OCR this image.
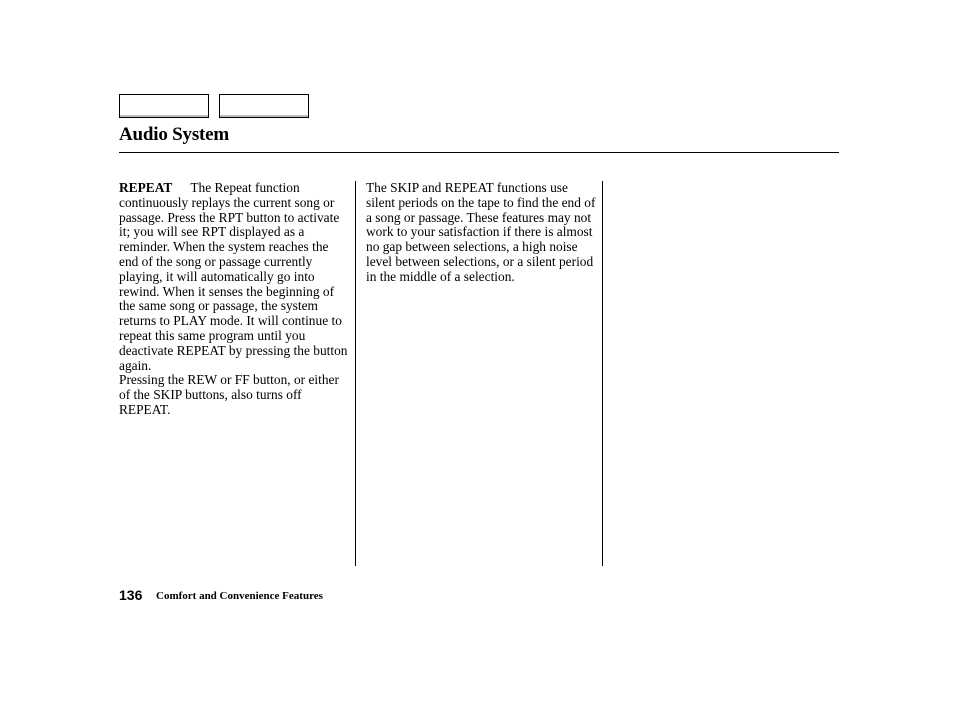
Audio System

REPEAT The Repeat function continuously replays the current song or passage. Press the RPT button to activate it; you will see RPT displayed as a reminder. When the system reaches the end of the song or passage currently playing, it will automatically go into rewind. When it senses the beginning of the same song or passage, the system returns to PLAY mode. It will continue to repeat this same program until you deactivate REPEAT by pressing the button again.

Pressing the REW or FF button, or either of the SKIP buttons, also turns off REPEAT.

The SKIP and REPEAT functions use silent periods on the tape to find the end of a song or passage. These features may not work to your satisfaction if there is almost no gap between selections, a high noise level between selections, or a silent period in the middle of a selection.

136 Comfort and Convenience Features
